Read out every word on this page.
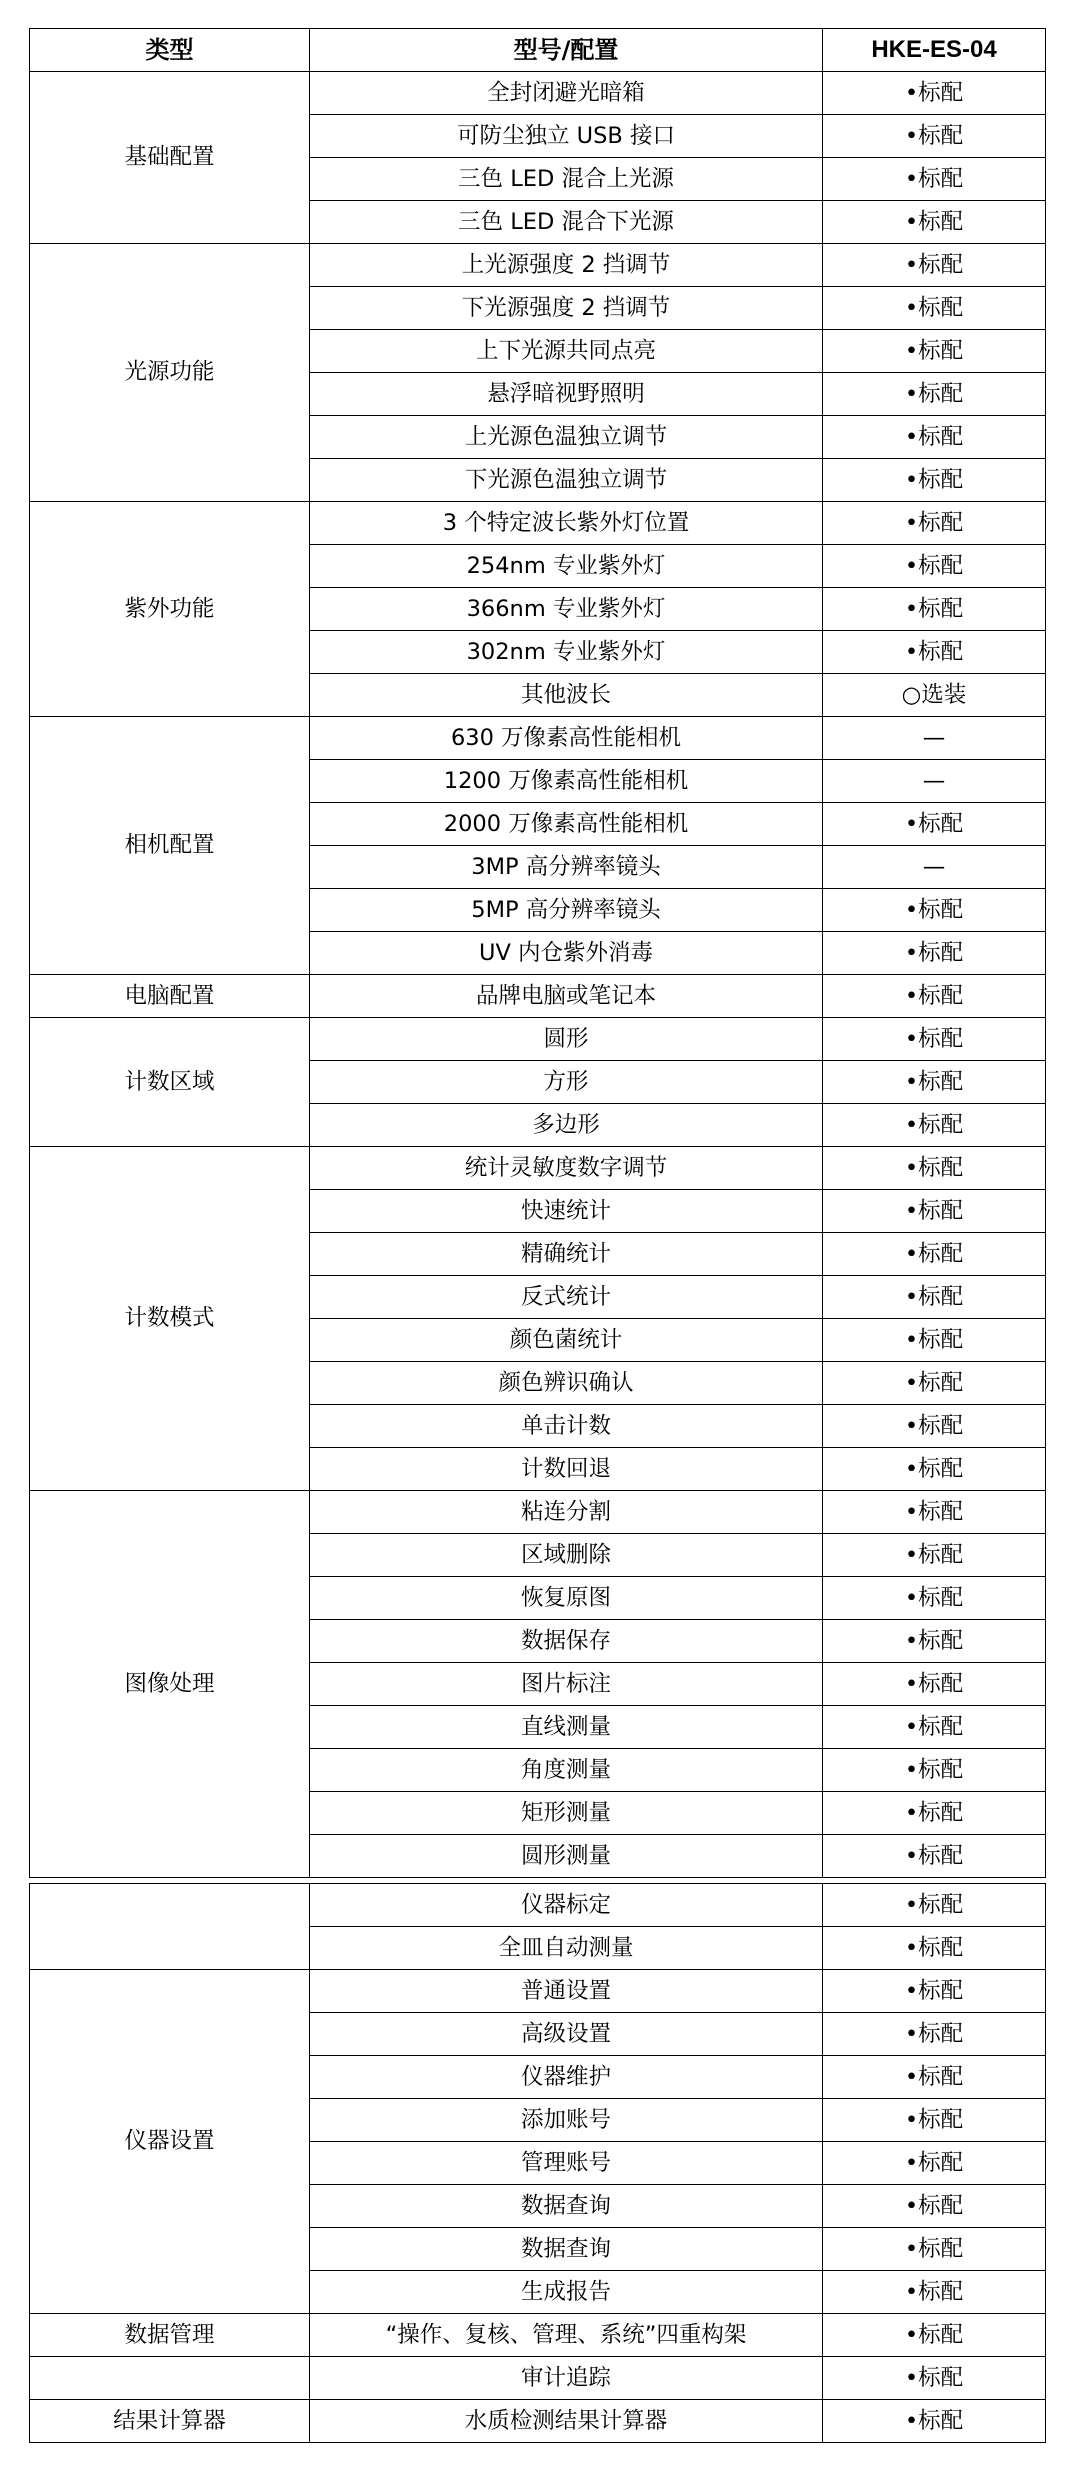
类型	型号/配置	HKE-ES-04
基础配置	全封闭避光暗箱	•标配
	可防尘独立 USB 接口	•标配
	三色 LED 混合上光源	•标配
	三色 LED 混合下光源	•标配
光源功能	上光源强度 2 挡调节	•标配
	下光源强度 2 挡调节	•标配
	上下光源共同点亮	•标配
	悬浮暗视野照明	•标配
	上光源色温独立调节	•标配
	下光源色温独立调节	•标配
紫外功能	3 个特定波长紫外灯位置	•标配
	254nm 专业紫外灯	•标配
	366nm 专业紫外灯	•标配
	302nm 专业紫外灯	•标配
	其他波长	○选装
相机配置	630 万像素高性能相机	—
	1200 万像素高性能相机	—
	2000 万像素高性能相机	•标配
	3MP 高分辨率镜头	—
	5MP 高分辨率镜头	•标配
	UV 内仓紫外消毒	•标配
电脑配置	品牌电脑或笔记本	•标配
计数区域	圆形	•标配
	方形	•标配
	多边形	•标配
计数模式	统计灵敏度数字调节	•标配
	快速统计	•标配
	精确统计	•标配
	反式统计	•标配
	颜色菌统计	•标配
	颜色辨识确认	•标配
	单击计数	•标配
	计数回退	•标配
图像处理	粘连分割	•标配
	区域删除	•标配
	恢复原图	•标配
	数据保存	•标配
	图片标注	•标配
	直线测量	•标配
	角度测量	•标配
	矩形测量	•标配
	圆形测量	•标配
	仪器标定	•标配
	全皿自动测量	•标配
仪器设置	普通设置	•标配
	高级设置	•标配
	仪器维护	•标配
	添加账号	•标配
	管理账号	•标配
	数据查询	•标配
	数据查询	•标配
	生成报告	•标配
数据管理	“操作、复核、管理、系统”四重构架	•标配
	审计追踪	•标配
结果计算器	水质检测结果计算器	•标配
